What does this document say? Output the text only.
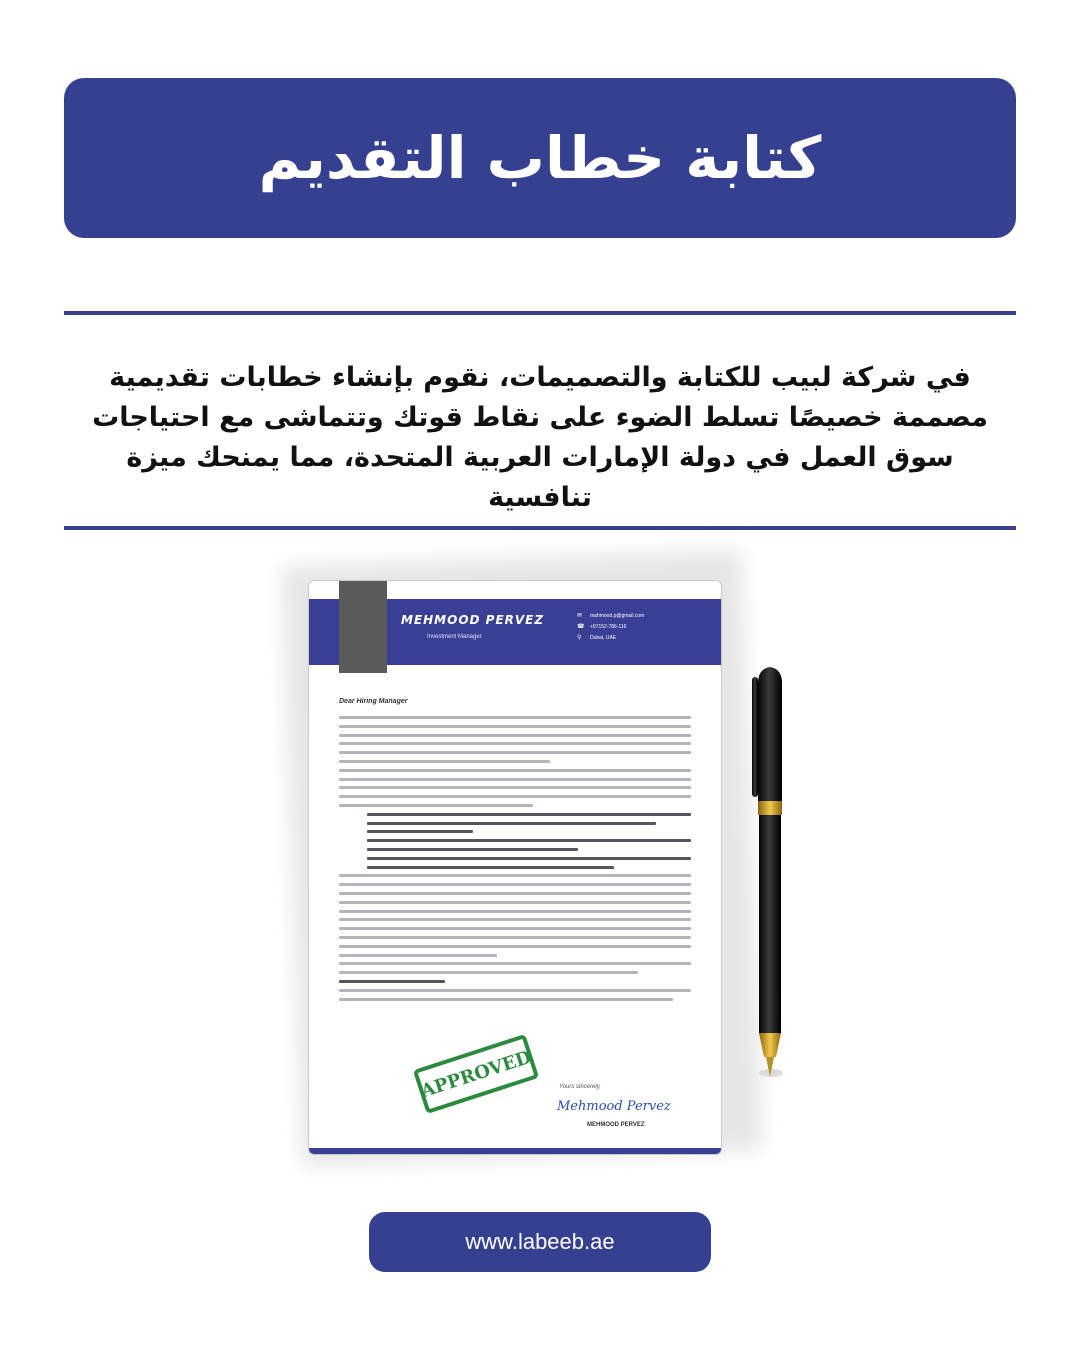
كتابة خطاب التقديم

في شركة لبيب للكتابة والتصميمات، نقوم بإنشاء خطابات تقديمية مصممة خصيصًا تسلط الضوء على نقاط قوتك وتتماشى مع احتياجات سوق العمل في دولة الإمارات العربية المتحدة، مما يمنحك ميزة تنافسية

MEHMOOD PERVEZ
Investment Manager
✉	mahmood.p@gmail.com
☎ +97152-786-116
⚲	Dubai, UAE
Dear Hiring Manager
APPROVED	Yours sincerely,
Mehmood Pervez
MEHMOOD PERVEZ
www.labeeb.ae
